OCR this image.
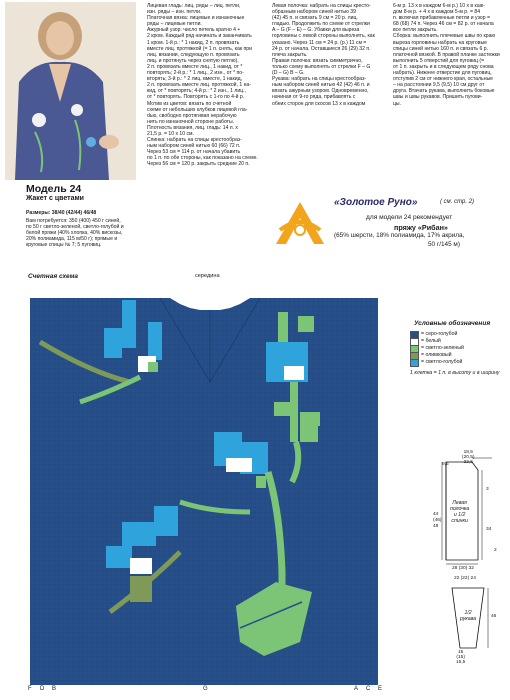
Модель 24
Жакет с цветами
Размеры: 38/40 (42/44) 46/48
Вам потребуется: 350 (400) 450 г синей,
по 50 г светло-зеленой, светло-голубой и
белой пряжи (40% хлопка, 40% вискозы,
20% полиамида, 115 м/50 г); прямые и
круговые спицы № 7; 5 пуговиц.
Лицевая гладь: лиц. ряды – лиц. петли,
изн. ряды – изн. петли.
Платочная вязка: лицевые и изнаночные
ряды – лицевые петли.
Ажурный узор: число петель кратно 4 +
2 кром. Каждый ряд начинать и заканчивать
1 кром. 1-й р.: * 1 накид, 2 п. провязать
вместе лиц. протяжкой (= 1 п. снять, как при
лиц. вязании, следующую п. провязать
лиц. и протянуть через снятую петлю),
2 п. провязать вместе лиц., 1 накид, от *
повторять; 2-й р.: * 1 лиц., 2 изн., от * по-
вторять; 3-й р.: * 2 лиц. вместе, 1 накид,
2 п. провязать вместе лиц. протяжкой, 1 на-
кид, от * повторять; 4-й р.: * 2 изн., 1 лиц.,
от * повторять. Повторять с 1-го по 4-й р.
Мотив из цветов: вязать по счетной
схеме от небольших клубков лицевой гла-
dью, свободно протягивая нерабочую
нить по изнаночной стороне работы.
Плотность вязания, лиц. гладь: 14 п. x
21,5 р. = 10 x 10 см.
Спинка: набрать на спицы крестообраз-
ным набором синей нитью 60 (66) 72 п.
Через 53 см = 114 р. от начала убавить
по 1 п. по обе стороны, как показано на схеме.
Через 56 см = 120 р. закрыть средние 20 п.
Левая полочка: набрать на спицы кресто-
образным набором синей нитью 39
(42) 45 п. и связать 9 см = 20 р. лиц.
гладью. Продолжить по схеме от стрелки
A – G (F – E) – G. Убавки для выреза
горловины с левой стороны выполнять, как
указано. Через 11 см = 24 р. (р.) 11 см =
24 р. от начала. Оставшиеся 26 (29) 32 п.
плеча закрыть.
Правая полочка: вязать симметрично,
только схему выполнять от стрелки F – G
(D – G) B – G.
Рукава: набрать на спицы крестообраз-
ным набором синей нитью 42 (42) 46 п. и
вязать ажурным узором. Одновременно,
начиная от 9-го ряда, прибавлять с
обеих сторон для скосов 13 x в каждом
6-м р. 13 x в каждом 6-м р.) 10 x в каж-
дом 8-м р. + 4 x в каждом 5-м р. = 84
п. включая прибавленные петли и узор =
68 (68) 74 п. Через 46 см = 82 р. от начала
все петли закрыть.
Сборка: выполнить плечевые швы по краю
выреза горловины набрать на круговые
спицы синей нитью 160 п. и связать 6 р.
платочной вязкой. В правой планке застежки
выполнить 5 отверстий для пуговиц (=
от 1 п. закрыть и в следующем ряду снова
набрать). Нижнее отверстие для пуговиц,
отступив 2 см от нижнего края, остальные
– на расстоянии 9,5 (9,5) 10 см друг от
друга. Втачать рукава, выполнить боковые
швы и швы рукавов. Пришить пугови-
цы.
«Золотое Руно»	( см. стр. 2)
для модели 24 рекомендует
пряжу «Рибан»
(65% шерсти, 18% полиамида, 17% акрила,
50 г/145 м)
Счетная схема	середина
F D B	G	A C E
Условные обозначения
= серо-голубой
= белый
= светло-зеленый
= оливковый
= светло-голубой
1 клетка = 1 п. в высоту и в ширину
18,5
(20,5)
22,5
9,5
44
(46)
48
3
34
Левая
полочка
и 1/2
спинки
28 (30) 32
2
22 (22) 24
1/2
рукава	46
15
(15)
16,5
